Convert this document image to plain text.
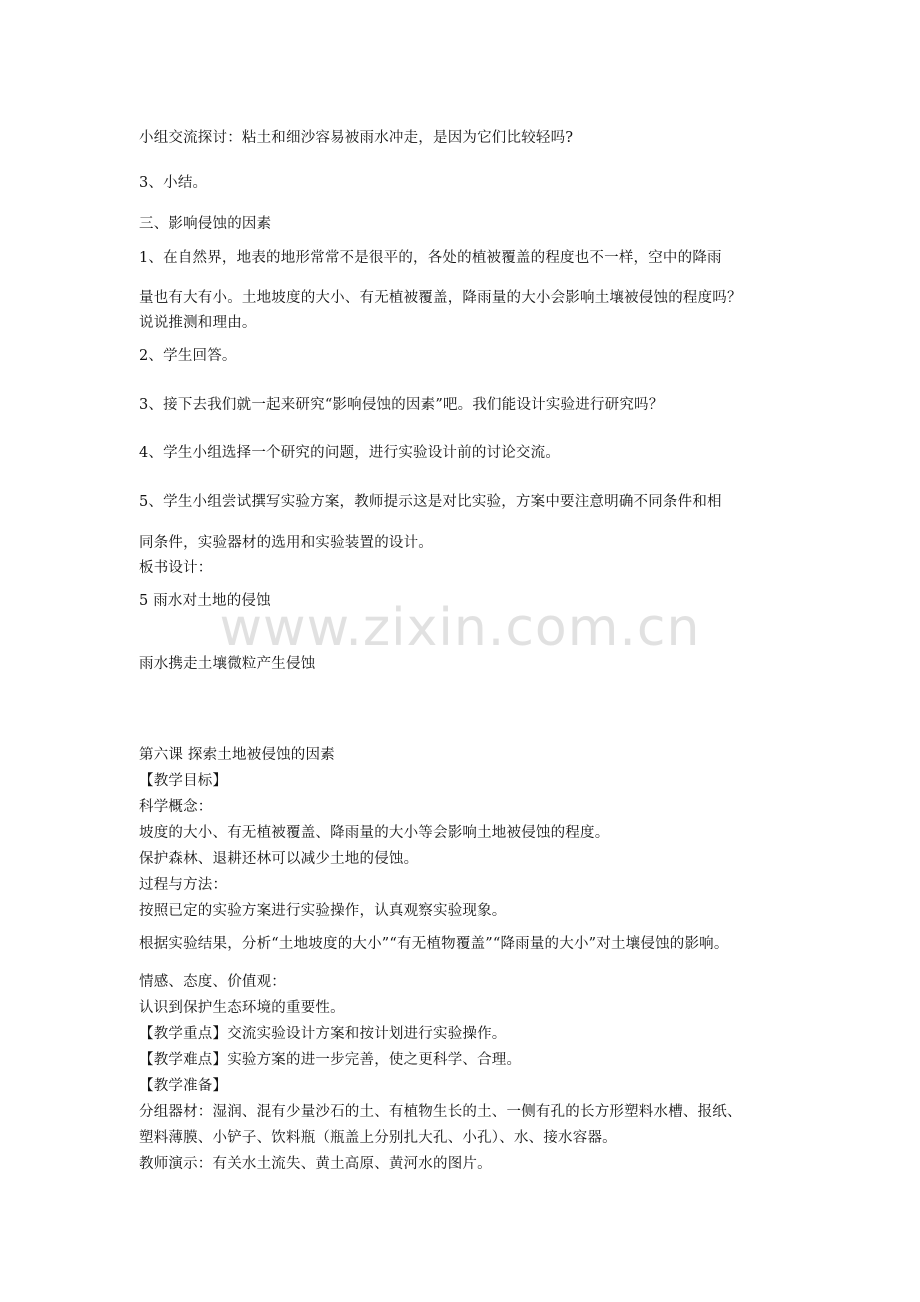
小组交流探讨：粘土和细沙容易被雨水冲走，是因为它们比较轻吗?
3、小结。
三、影响侵蚀的因素
1、在自然界，地表的地形常常不是很平的，各处的植被覆盖的程度也不一样，空中的降雨
量也有大有小。土地坡度的大小、有无植被覆盖，降雨量的大小会影响土壤被侵蚀的程度吗？
说说推测和理由。
2、学生回答。
3、接下去我们就一起来研究“影响侵蚀的因素”吧。我们能设计实验进行研究吗？
4、学生小组选择一个研究的问题，进行实验设计前的讨论交流。
5、学生小组尝试撰写实验方案，教师提示这是对比实验，方案中要注意明确不同条件和相
同条件，实验器材的选用和实验装置的设计。
板书设计：
5 雨水对土地的侵蚀
雨水携走土壤微粒产生侵蚀
第六课 探索土地被侵蚀的因素
【教学目标】
科学概念：
坡度的大小、有无植被覆盖、降雨量的大小等会影响土地被侵蚀的程度。
保护森林、退耕还林可以减少土地的侵蚀。
过程与方法：
按照已定的实验方案进行实验操作，认真观察实验现象。
根据实验结果，分析“土地坡度的大小”“有无植物覆盖”“降雨量的大小”对土壤侵蚀的影响。
情感、态度、价值观：
认识到保护生态环境的重要性。
【教学重点】交流实验设计方案和按计划进行实验操作。
【教学难点】实验方案的进一步完善，使之更科学、合理。
【教学准备】
分组器材：湿润、混有少量沙石的土、有植物生长的土、一侧有孔的长方形塑料水槽、报纸、
塑料薄膜、小铲子、饮料瓶（瓶盖上分别扎大孔、小孔）、水、接水容器。
教师演示：有关水土流失、黄土高原、黄河水的图片。
www.zixin.com.cn
